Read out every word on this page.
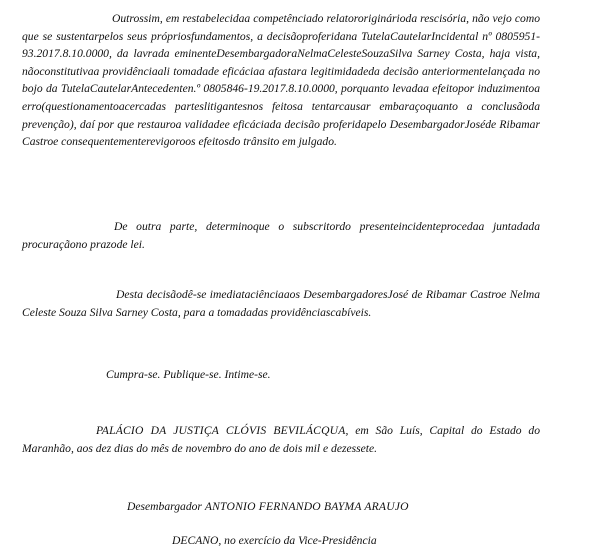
Outrossim, em restabelecidaa competênciado relatororiginárioda rescisória, não vejo como que se sustentarpelos seus própriosfundamentos, a decisãoproferidana TutelaCautelarIncidental nº 0805951-93.2017.8.10.0000, da lavrada eminenteDesembargadoraNelmaCelesteSouzaSilva Sarney Costa, haja vista, nãoconstitutivaa providênciaali tomadade eficáciaa afastara legitimidadeda decisão anteriormentelançada no bojo da TutelaCautelarAntecedenten.º 0805846-19.2017.8.10.0000, porquanto levadaa efeitopor induzimentoa erro(questionamentoacercadas parteslitigantesnos feitosa tentarcausar embaraçoquanto a conclusãoda prevenção), daí por que restauroa validadee eficáciada decisão proferidapelo DesembargadorJoséde Ribamar Castroe consequentementerevigoroos efeitosdo trânsito em julgado.

De outra parte, determinoque o subscritordo presenteincidenteprocedaa juntadada procuraçãono prazode lei.

Desta decisãodê-se imediataciênciaaos DesembargadoresJosé de Ribamar Castroe Nelma Celeste Souza Silva Sarney Costa, para a tomadadas providênciascabíveis.

Cumpra-se. Publique-se. Intime-se.

PALÁCIO DA JUSTIÇA CLÓVIS BEVILÁCQUA, em São Luís, Capital do Estado do Maranhão, aos dez dias do mês de novembro do ano de dois mil e dezessete.

Desembargador ANTONIO FERNANDO BAYMA ARAUJO

DECANO, no exercício da Vice-Presidência
